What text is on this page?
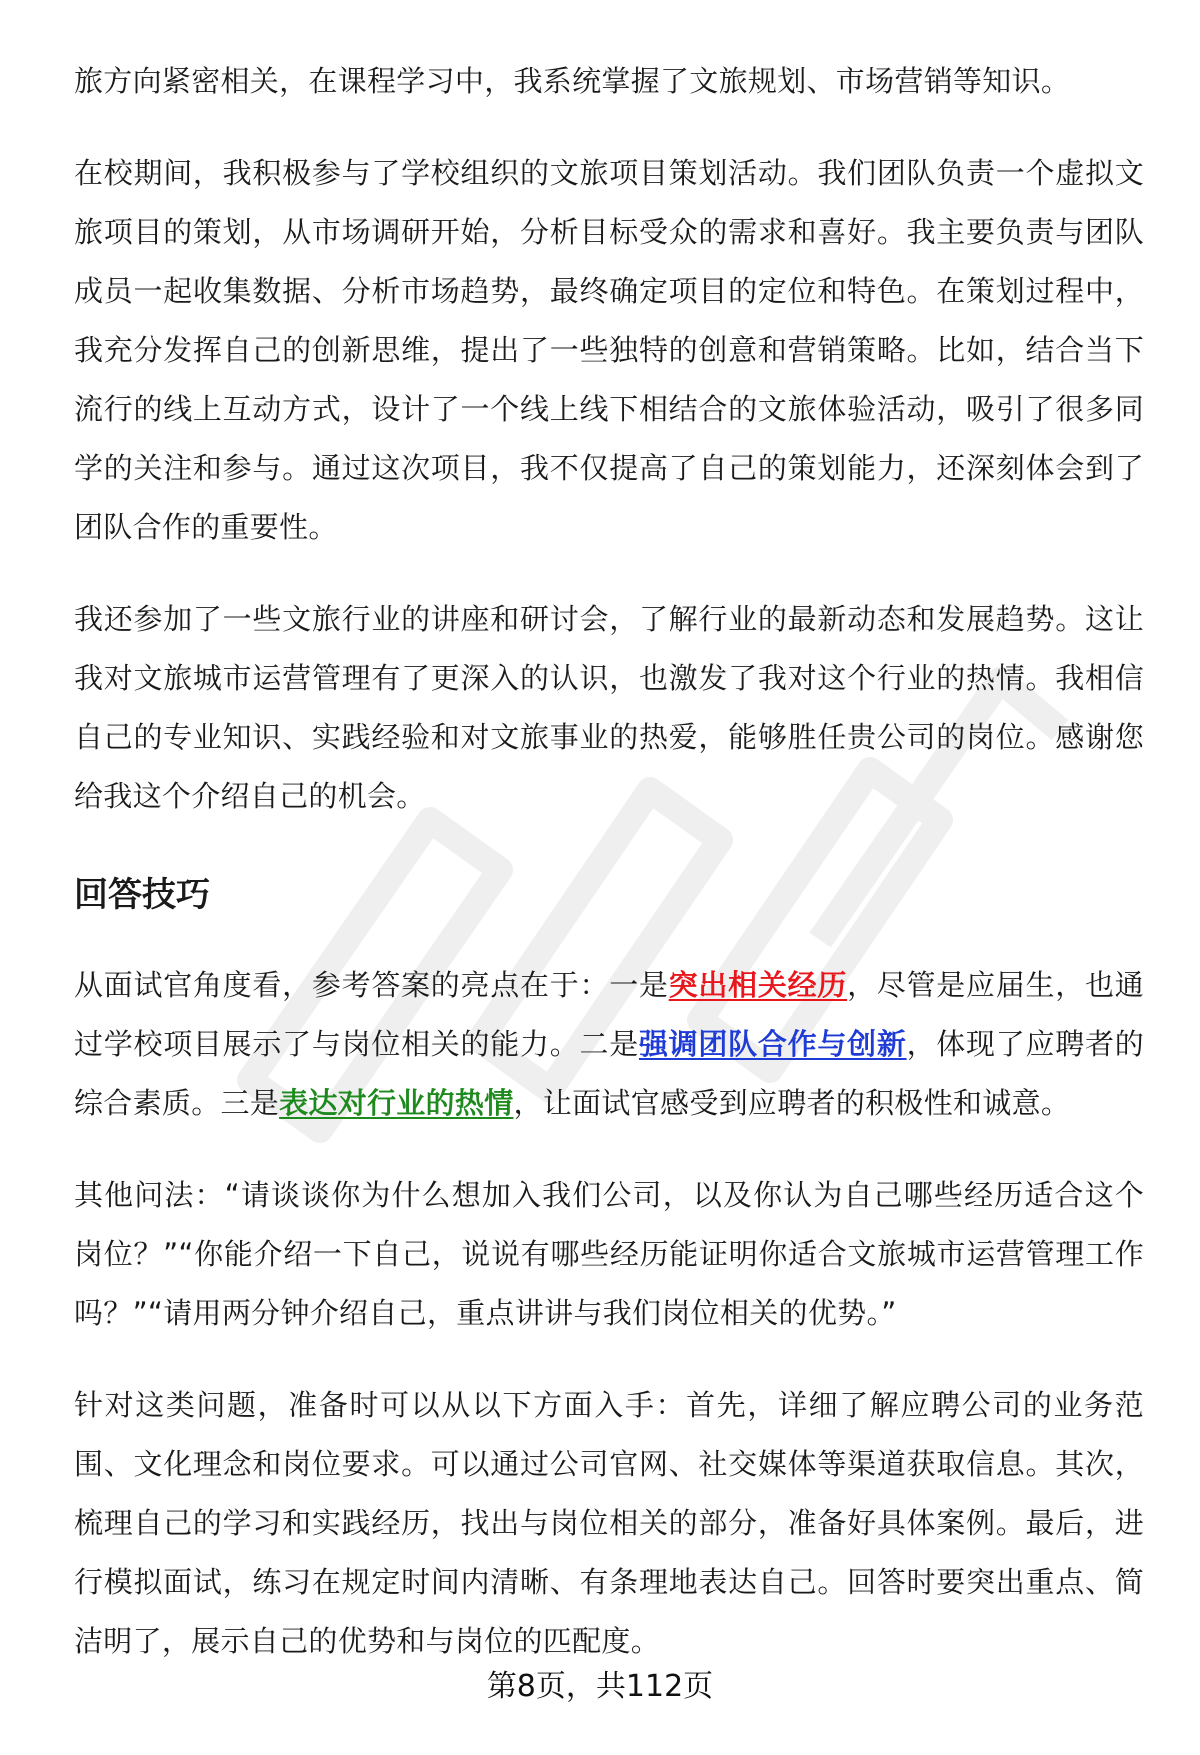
旅方向紧密相关，在课程学习中，我系统掌握了文旅规划、市场营销等知识。

在校期间，我积极参与了学校组织的文旅项目策划活动。我们团队负责一个虚拟文旅项目的策划，从市场调研开始，分析目标受众的需求和喜好。我主要负责与团队成员一起收集数据、分析市场趋势，最终确定项目的定位和特色。在策划过程中，我充分发挥自己的创新思维，提出了一些独特的创意和营销策略。比如，结合当下流行的线上互动方式，设计了一个线上线下相结合的文旅体验活动，吸引了很多同学的关注和参与。通过这次项目，我不仅提高了自己的策划能力，还深刻体会到了团队合作的重要性。

我还参加了一些文旅行业的讲座和研讨会，了解行业的最新动态和发展趋势。这让我对文旅城市运营管理有了更深入的认识，也激发了我对这个行业的热情。我相信自己的专业知识、实践经验和对文旅事业的热爱，能够胜任贵公司的岗位。感谢您给我这个介绍自己的机会。

回答技巧

从面试官角度看，参考答案的亮点在于：一是突出相关经历，尽管是应届生，也通过学校项目展示了与岗位相关的能力。二是强调团队合作与创新，体现了应聘者的综合素质。三是表达对行业的热情，让面试官感受到应聘者的积极性和诚意。

其他问法：“请谈谈你为什么想加入我们公司，以及你认为自己哪些经历适合这个岗位？”“你能介绍一下自己，说说有哪些经历能证明你适合文旅城市运营管理工作吗？”“请用两分钟介绍自己，重点讲讲与我们岗位相关的优势。”

针对这类问题，准备时可以从以下方面入手：首先，详细了解应聘公司的业务范围、文化理念和岗位要求。可以通过公司官网、社交媒体等渠道获取信息。其次，梳理自己的学习和实践经历，找出与岗位相关的部分，准备好具体案例。最后，进行模拟面试，练习在规定时间内清晰、有条理地表达自己。回答时要突出重点、简洁明了，展示自己的优势和与岗位的匹配度。

第8页，共112页
